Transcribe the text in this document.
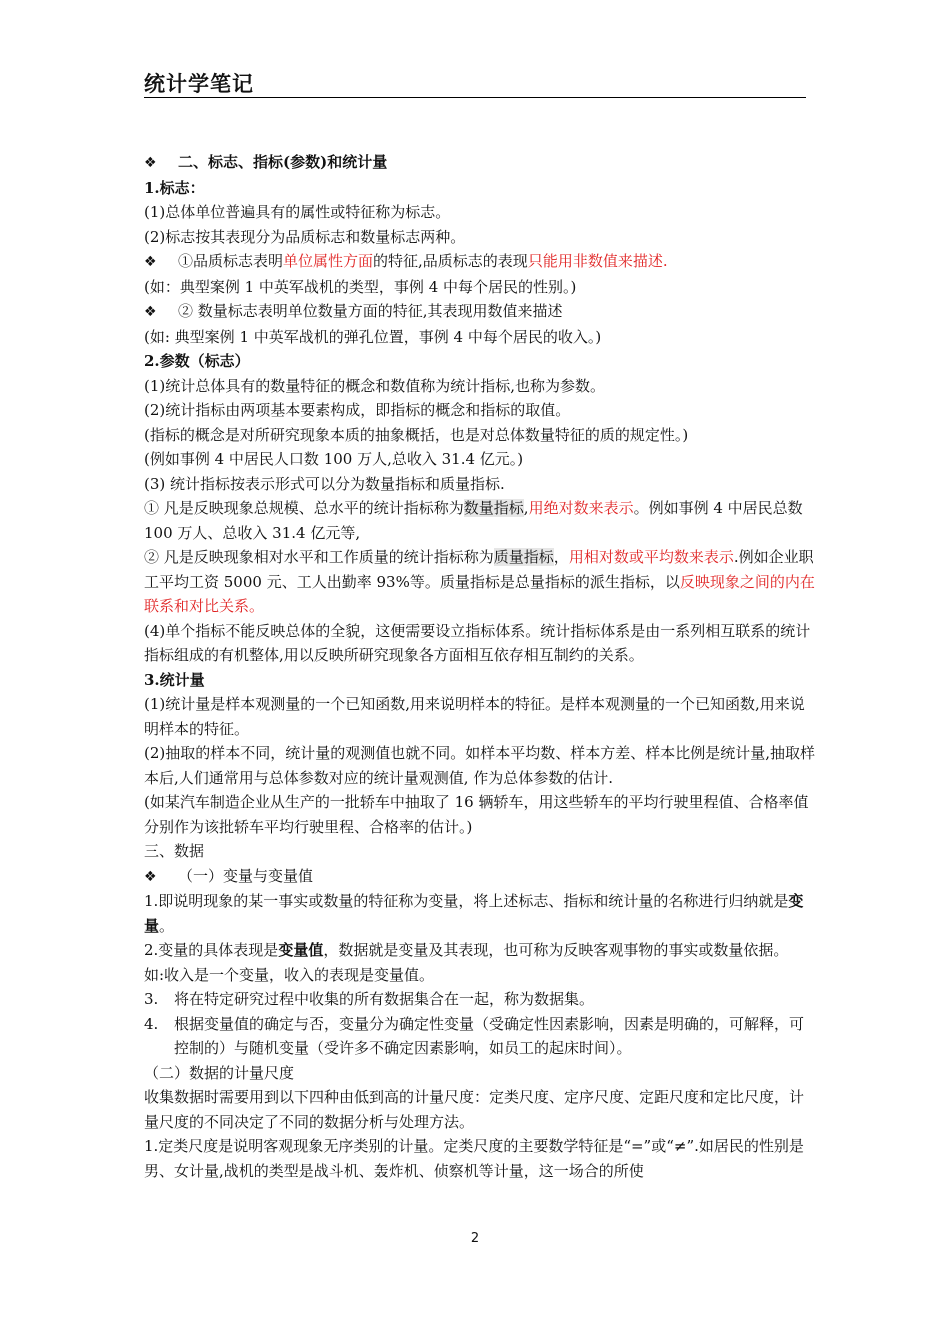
统计学笔记

❖ 二、标志、指标(参数)和统计量

1.标志：

(1)总体单位普遍具有的属性或特征称为标志。

(2)标志按其表现分为品质标志和数量标志两种。

❖ ①品质标志表明单位属性方面的特征,品质标志的表现只能用非数值来描述.

(如：典型案例 1 中英军战机的类型，事例 4 中每个居民的性别。)

❖ ② 数量标志表明单位数量方面的特征,其表现用数值来描述

(如: 典型案例 1 中英军战机的弹孔位置，事例 4 中每个居民的收入。)

2.参数（标志）

(1)统计总体具有的数量特征的概念和数值称为统计指标,也称为参数。

(2)统计指标由两项基本要素构成，即指标的概念和指标的取值。

(指标的概念是对所研究现象本质的抽象概括，也是对总体数量特征的质的规定性。)

(例如事例 4 中居民人口数 100 万人,总收入 31.4 亿元。)

(3) 统计指标按表示形式可以分为数量指标和质量指标.

① 凡是反映现象总规模、总水平的统计指标称为数量指标,用绝对数来表示。例如事例 4 中居民总数 100 万人、总收入 31.4 亿元等,

② 凡是反映现象相对水平和工作质量的统计指标称为质量指标，用相对数或平均数来表示.例如企业职工平均工资 5000 元、工人出勤率 93%等。质量指标是总量指标的派生指标，以反映现象之间的内在联系和对比关系。

(4)单个指标不能反映总体的全貌，这便需要设立指标体系。统计指标体系是由一系列相互联系的统计指标组成的有机整体,用以反映所研究现象各方面相互依存相互制约的关系。

3.统计量

(1)统计量是样本观测量的一个已知函数,用来说明样本的特征。是样本观测量的一个已知函数,用来说明样本的特征。

(2)抽取的样本不同，统计量的观测值也就不同。如样本平均数、样本方差、样本比例是统计量,抽取样本后,人们通常用与总体参数对应的统计量观测值, 作为总体参数的估计.

(如某汽车制造企业从生产的一批轿车中抽取了 16 辆轿车，用这些轿车的平均行驶里程值、合格率值分别作为该批轿车平均行驶里程、合格率的估计。)

三、数据

❖ （一）变量与变量值

1.即说明现象的某一事实或数量的特征称为变量，将上述标志、指标和统计量的名称进行归纳就是变量。

2.变量的具体表现是变量值，数据就是变量及其表现，也可称为反映客观事物的事实或数量依据。

如:收入是一个变量，收入的表现是变量值。

3.	将在特定研究过程中收集的所有数据集合在一起，称为数据集。
4.	根据变量值的确定与否，变量分为确定性变量（受确定性因素影响，因素是明确的，可解释，可控制的）与随机变量（受许多不确定因素影响，如员工的起床时间）。

（二）数据的计量尺度

收集数据时需要用到以下四种由低到高的计量尺度：定类尺度、定序尺度、定距尺度和定比尺度，计量尺度的不同决定了不同的数据分析与处理方法。

1.定类尺度是说明客观现象无序类别的计量。定类尺度的主要数学特征是“=”或“≠”.如居民的性别是男、女计量,战机的类型是战斗机、轰炸机、侦察机等计量，这一场合的所使

2
